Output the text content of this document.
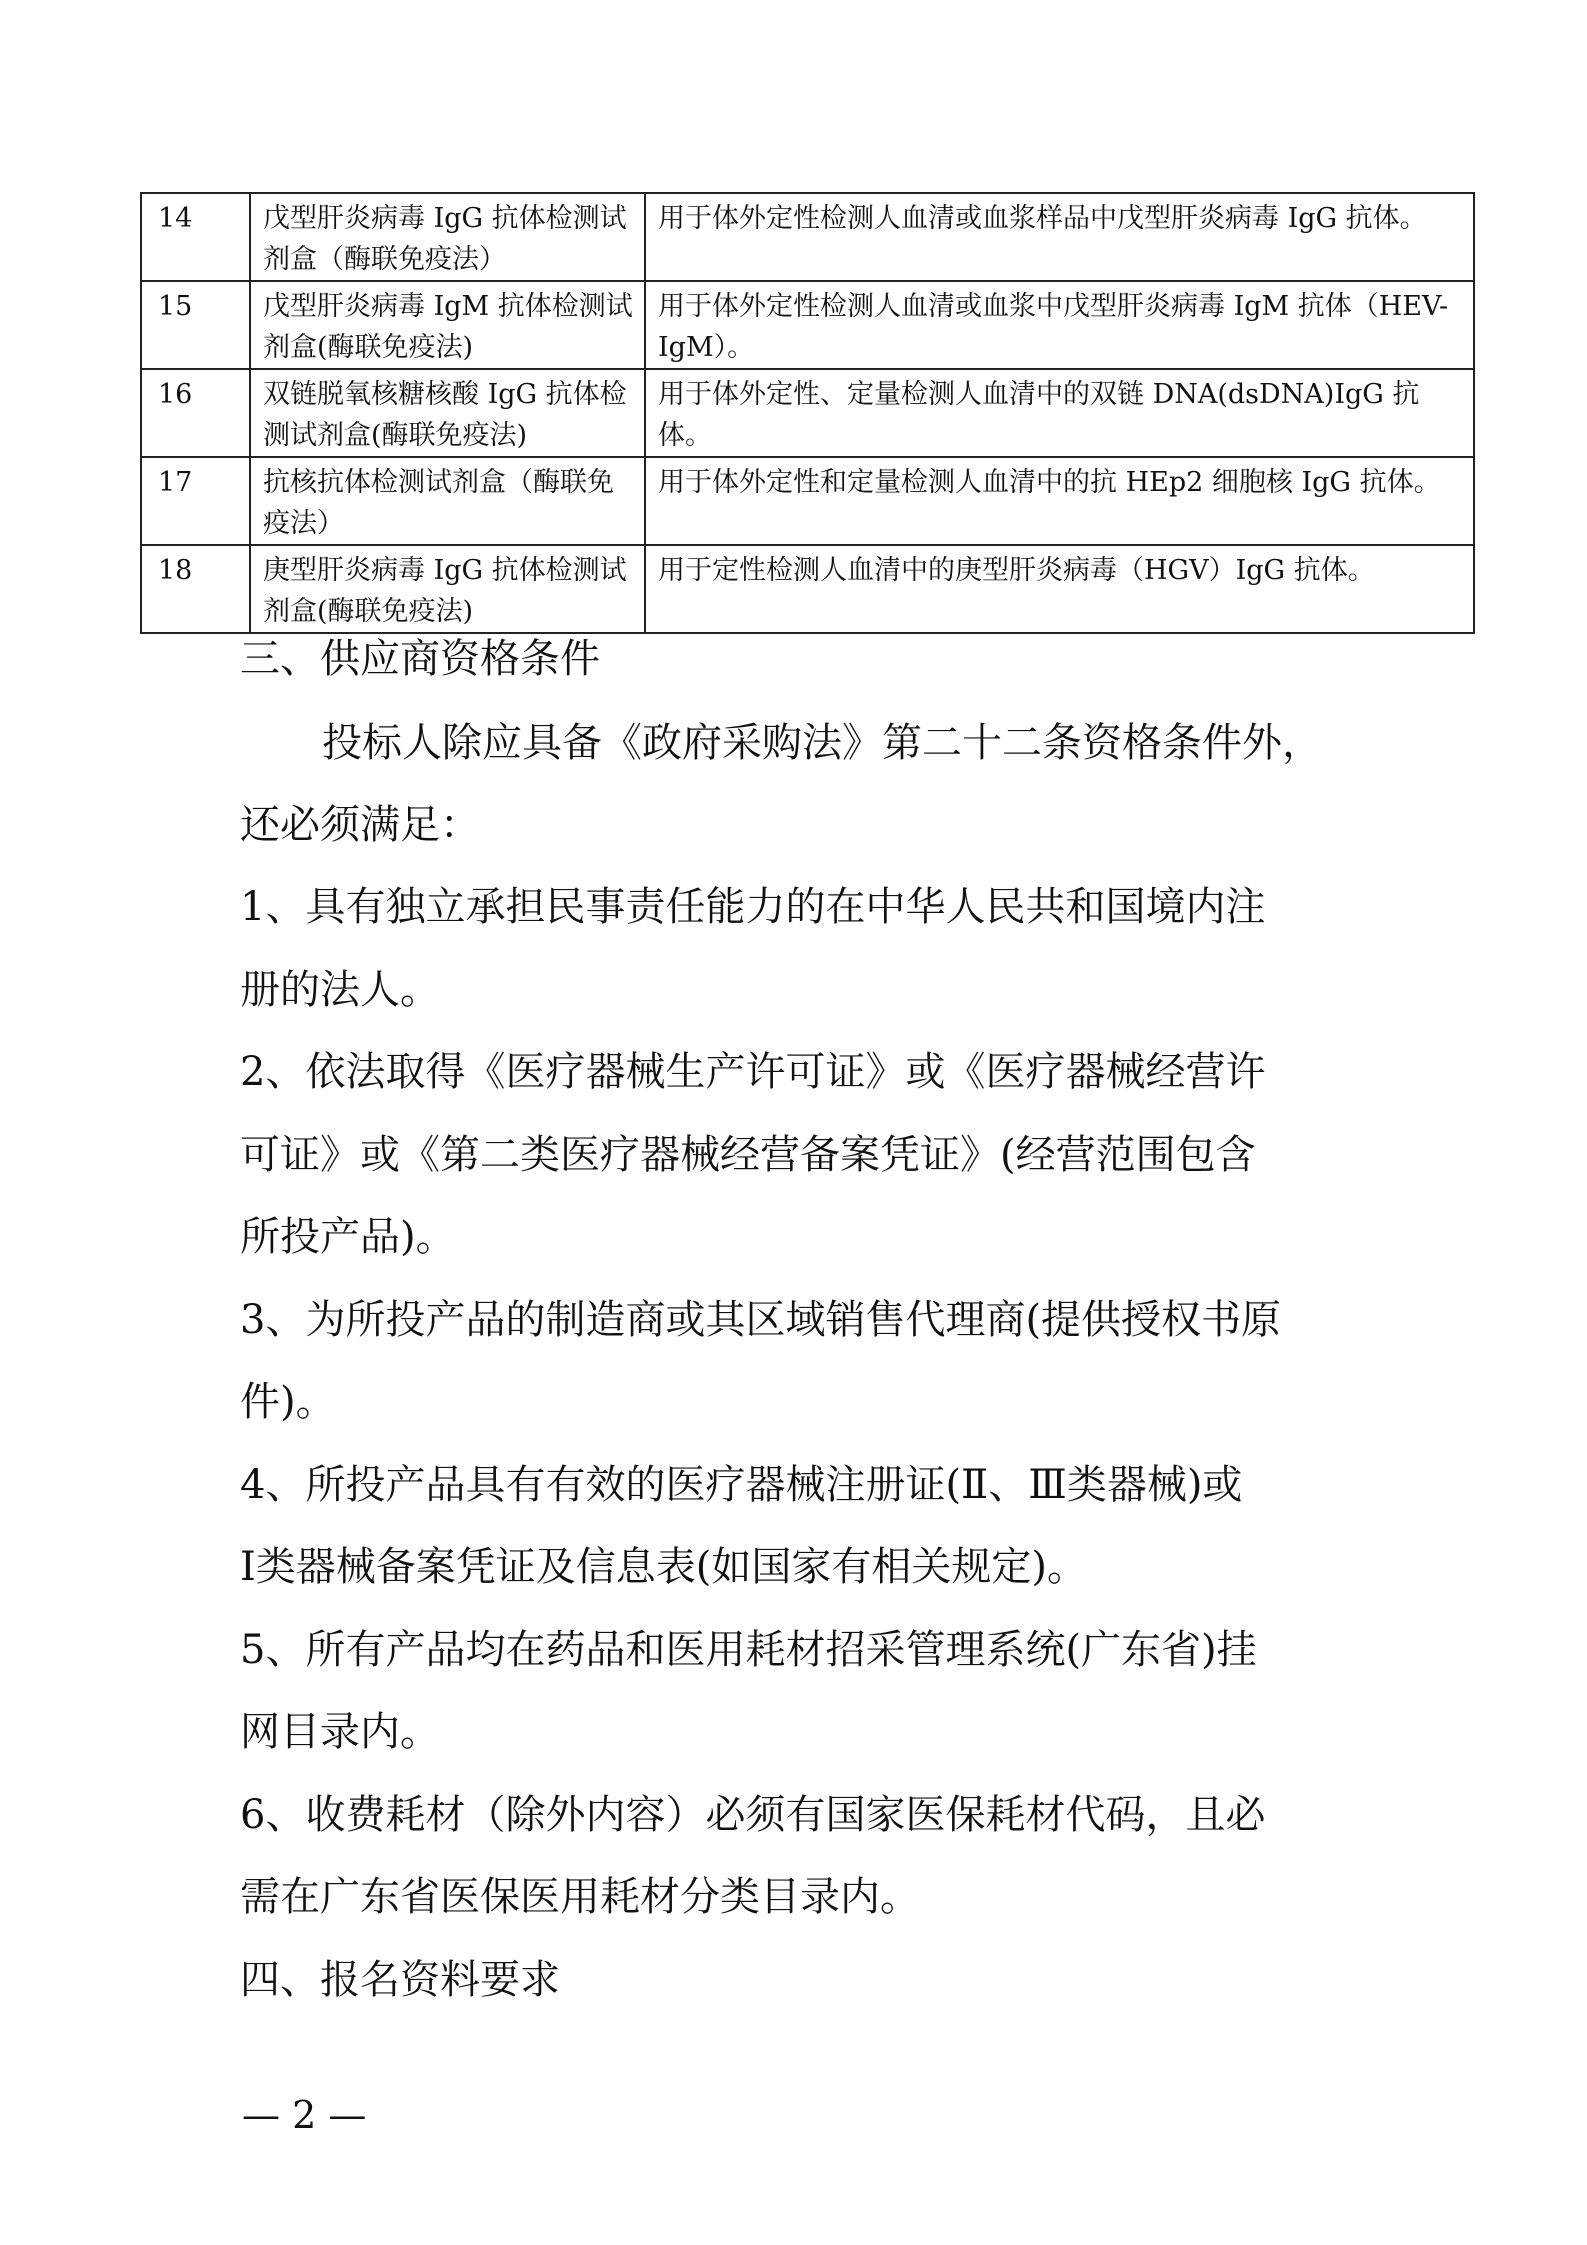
14	戊型肝炎病毒 IgG 抗体检测试剂盒（酶联免疫法）	用于体外定性检测人血清或血浆样品中戊型肝炎病毒 IgG 抗体。
15	戊型肝炎病毒 IgM 抗体检测试剂盒(酶联免疫法)	用于体外定性检测人血清或血浆中戊型肝炎病毒 IgM 抗体（HEV-IgM）。
16	双链脱氧核糖核酸 IgG 抗体检测试剂盒(酶联免疫法)	用于体外定性、定量检测人血清中的双链 DNA(dsDNA)IgG 抗体。
17	抗核抗体检测试剂盒（酶联免疫法）	用于体外定性和定量检测人血清中的抗 HEp2 细胞核 IgG 抗体。
18	庚型肝炎病毒 IgG 抗体检测试剂盒(酶联免疫法)	用于定性检测人血清中的庚型肝炎病毒（HGV）IgG 抗体。
三、供应商资格条件
投标人除应具备《政府采购法》第二十二条资格条件外，
还必须满足：
1、具有独立承担民事责任能力的在中华人民共和国境内注
册的法人。
2、依法取得《医疗器械生产许可证》或《医疗器械经营许
可证》或《第二类医疗器械经营备案凭证》(经营范围包含
所投产品)。
3、为所投产品的制造商或其区域销售代理商(提供授权书原
件)。
4、所投产品具有有效的医疗器械注册证(Ⅱ、Ⅲ类器械)或
Ⅰ类器械备案凭证及信息表(如国家有相关规定)。
5、所有产品均在药品和医用耗材招采管理系统(广东省)挂
网目录内。
6、收费耗材（除外内容）必须有国家医保耗材代码，且必
需在广东省医保医用耗材分类目录内。
四、报名资料要求
— 2 —
